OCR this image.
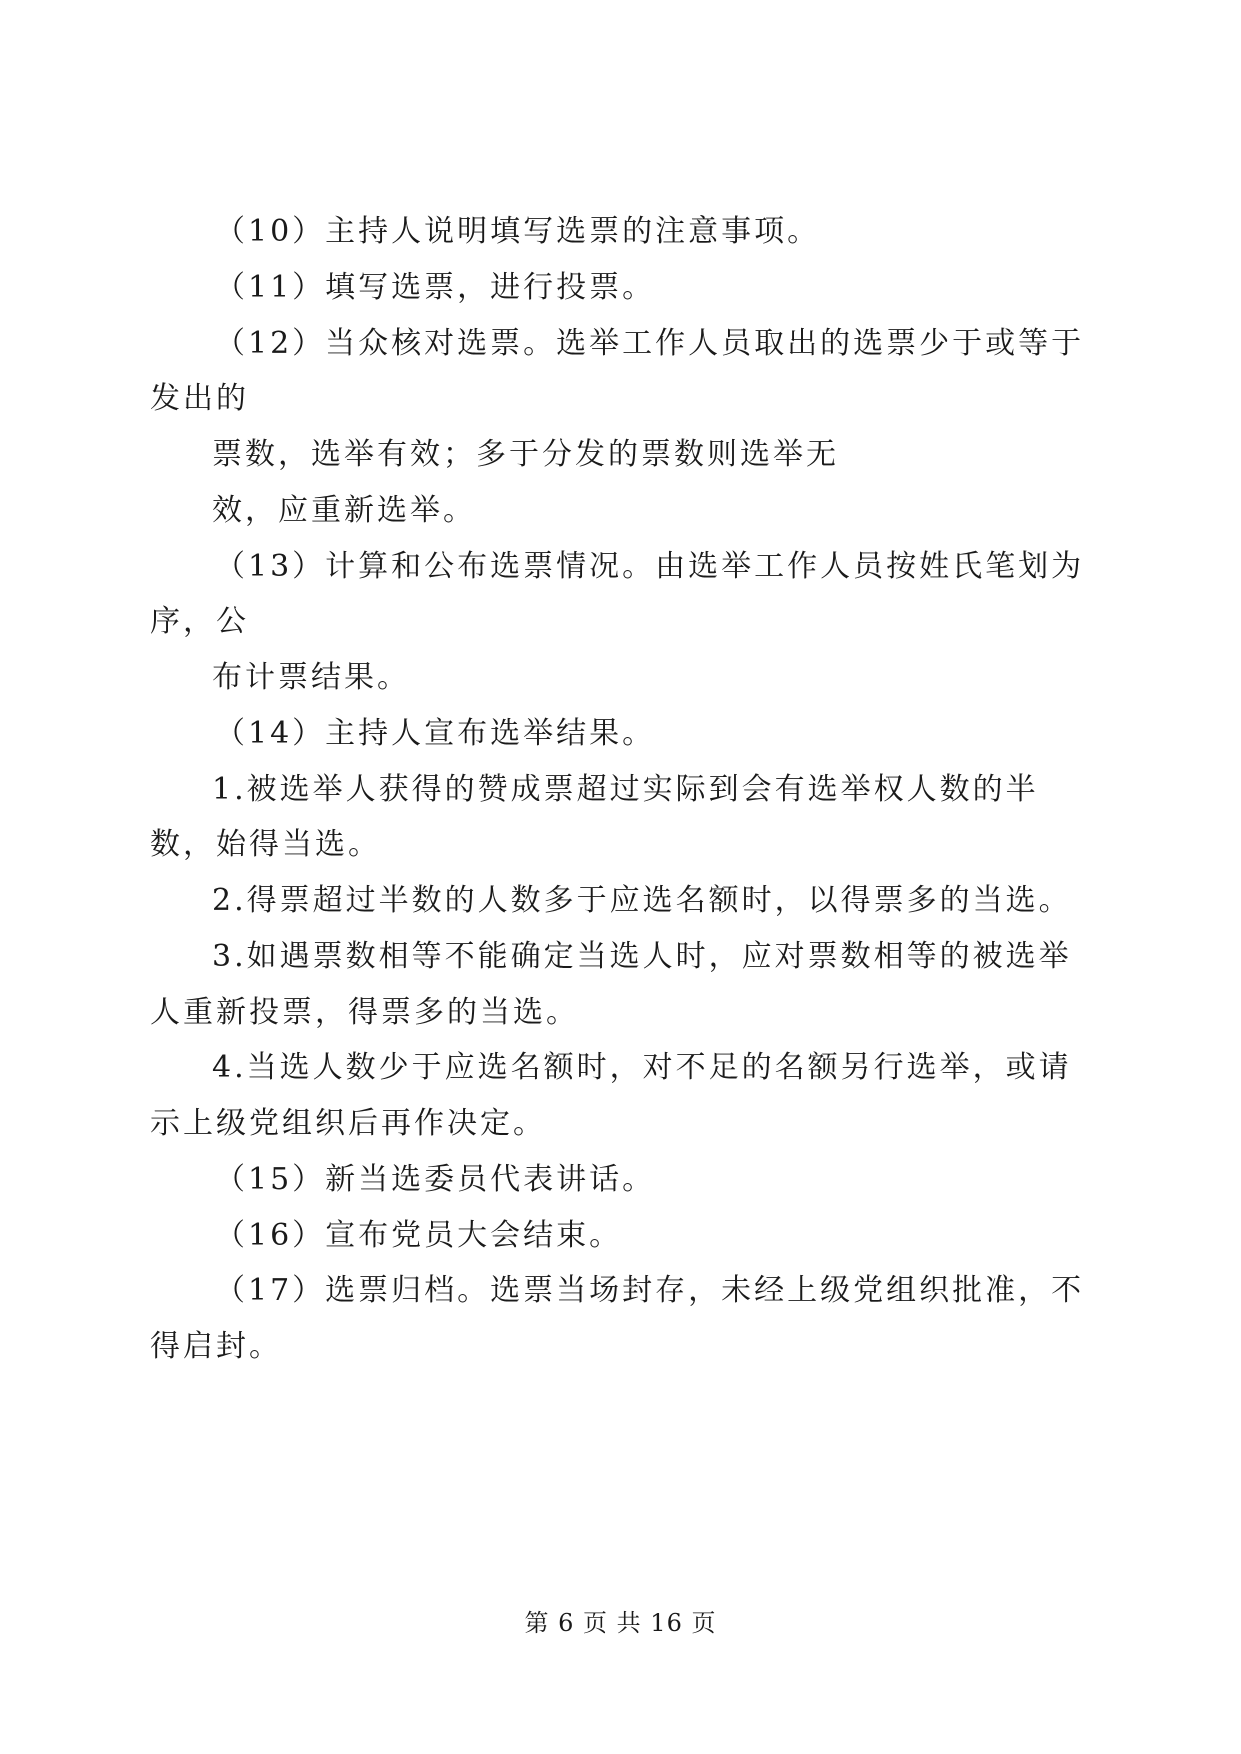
（10）主持人说明填写选票的注意事项。
（11）填写选票，进行投票。
（12）当众核对选票。选举工作人员取出的选票少于或等于
发出的
票数，选举有效；多于分发的票数则选举无
效，应重新选举。
（13）计算和公布选票情况。由选举工作人员按姓氏笔划为
序，公
布计票结果。
（14）主持人宣布选举结果。
1.被选举人获得的赞成票超过实际到会有选举权人数的半
数，始得当选。
2.得票超过半数的人数多于应选名额时，以得票多的当选。
3.如遇票数相等不能确定当选人时，应对票数相等的被选举
人重新投票，得票多的当选。
4.当选人数少于应选名额时，对不足的名额另行选举，或请
示上级党组织后再作决定。
（15）新当选委员代表讲话。
（16）宣布党员大会结束。
（17）选票归档。选票当场封存，未经上级党组织批准，不
得启封。
第 6 页 共 16 页
